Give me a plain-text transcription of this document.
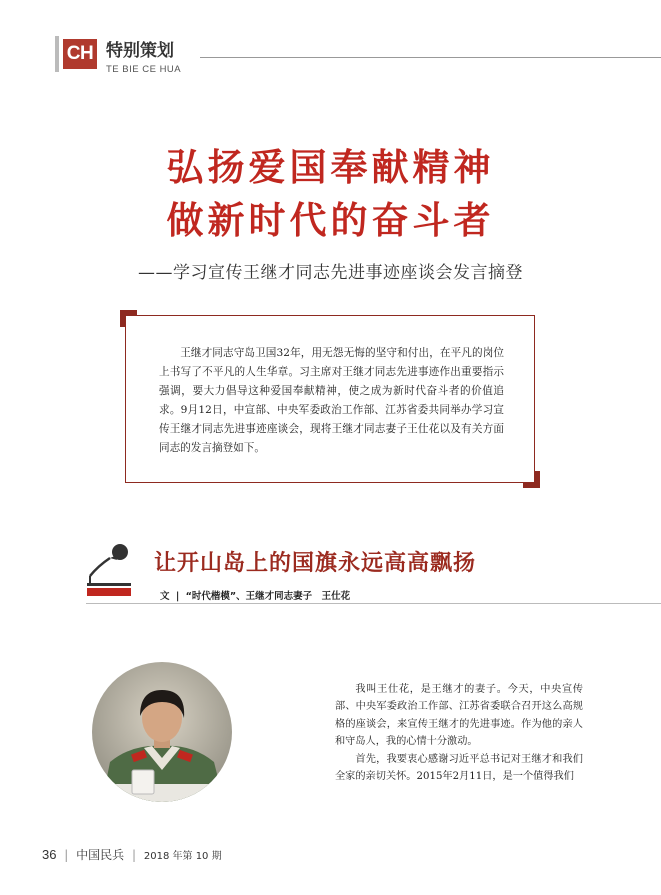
CH 特别策划
TE BIE CE HUA
弘扬爱国奉献精神
做新时代的奋斗者
——学习宣传王继才同志先进事迹座谈会发言摘登
王继才同志守岛卫国32年，用无怨无悔的坚守和付出，在平凡的岗位上书写了不平凡的人生华章。习主席对王继才同志先进事迹作出重要指示强调，要大力倡导这种爱国奉献精神，使之成为新时代奋斗者的价值追求。9月12日，中宣部、中央军委政治工作部、江苏省委共同举办学习宣传王继才同志先进事迹座谈会，现将王继才同志妻子王仕花以及有关方面同志的发言摘登如下。
让开山岛上的国旗永远高高飘扬
文 | “时代楷模”、王继才同志妻子　王仕花

我叫王仕花，是王继才的妻子。今天，中央宣传部、中央军委政治工作部、江苏省委联合召开这么高规格的座谈会，来宣传王继才的先进事迹。作为他的亲人和守岛人，我的心情十分激动。

首先，我要衷心感谢习近平总书记对王继才和我们全家的亲切关怀。2015年2月11日，是一个值得我们

36 | 中国民兵 | 2018 年第 10 期
